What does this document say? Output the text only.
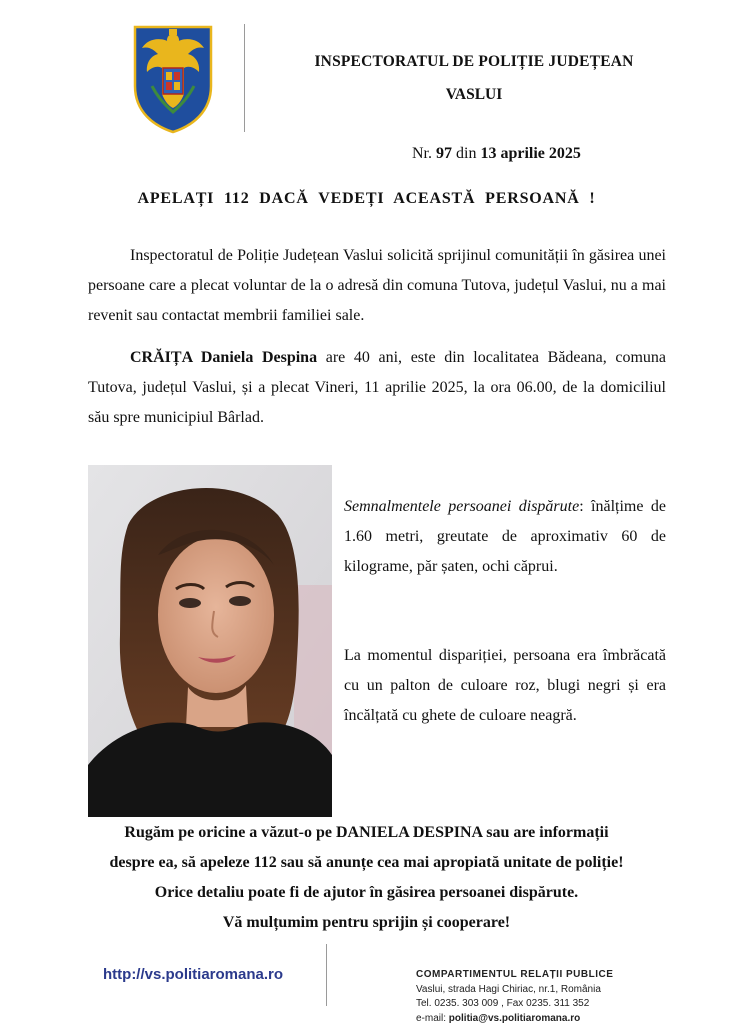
INSPECTORATUL DE POLIȚIE JUDEȚEAN
VASLUI
Nr. 97 din 13 aprilie 2025
APELAȚI 112 DACĂ VEDEȚI ACEASTĂ PERSOANĂ !

Inspectoratul de Poliție Județean Vaslui solicită sprijinul comunității în găsirea unei persoane care a plecat voluntar de la o adresă din comuna Tutova, județul Vaslui, nu a mai revenit sau contactat membrii familiei sale.

CRĂIȚA Daniela Despina are 40 ani, este din localitatea Bădeana, comuna Tutova, județul Vaslui, și a plecat Vineri, 11 aprilie 2025, la ora 06.00, de la domiciliul său spre municipiul Bârlad.

Semnalmentele persoanei dispărute: înălțime de 1.60 metri, greutate de aproximativ 60 de kilograme, păr șaten, ochi căprui.

La momentul dispariției, persoana era îmbrăcată cu un palton de culoare roz, blugi negri și era încălțată cu ghete de culoare neagră.

Rugăm pe oricine a văzut-o pe DANIELA DESPINA sau are informații
despre ea, să apeleze 112 sau să anunțe cea mai apropiată unitate de poliție!
Orice detaliu poate fi de ajutor în găsirea persoanei dispărute.
Vă mulțumim pentru sprijin și cooperare!
http://vs.politiaromana.ro	COMPARTIMENTUL RELAȚII PUBLICE
Vaslui, strada Hagi Chiriac, nr.1, România
Tel. 0235. 303 009 , Fax 0235. 311 352
e-mail: politia@vs.politiaromana.ro
